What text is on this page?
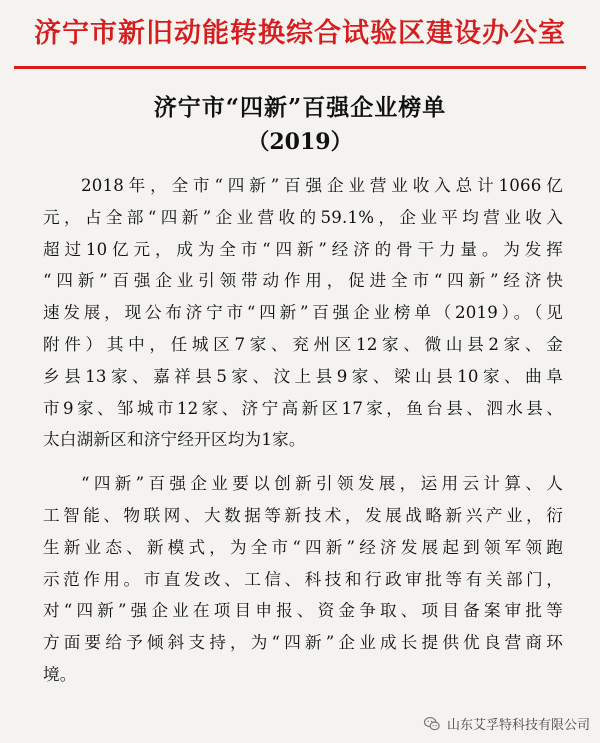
济宁市新旧动能转换综合试验区建设办公室
济宁市“四新”百强企业榜单
（2019）
2018年，全市“四新”百强企业营业收入总计1066亿
元，占全部“四新”企业营收的59.1%，企业平均营业收入
超过10亿元，成为全市“四新”经济的骨干力量。为发挥
“四新”百强企业引领带动作用，促进全市“四新”经济快
速发展，现公布济宁市“四新”百强企业榜单（2019）。（见
附件）其中，任城区7家、兖州区12家、微山县2家、金
乡县13家、嘉祥县5家、汶上县9家、梁山县10家、曲阜
市9家、邹城市12家、济宁高新区17家，鱼台县、泗水县、
太白湖新区和济宁经开区均为1家。
“四新”百强企业要以创新引领发展，运用云计算、人
工智能、物联网、大数据等新技术，发展战略新兴产业，衍
生新业态、新模式，为全市“四新”经济发展起到领军领跑
示范作用。市直发改、工信、科技和行政审批等有关部门，
对“四新”强企业在项目申报、资金争取、项目备案审批等
方面要给予倾斜支持，为“四新”企业成长提供优良营商环
境。
山东艾孚特科技有限公司
